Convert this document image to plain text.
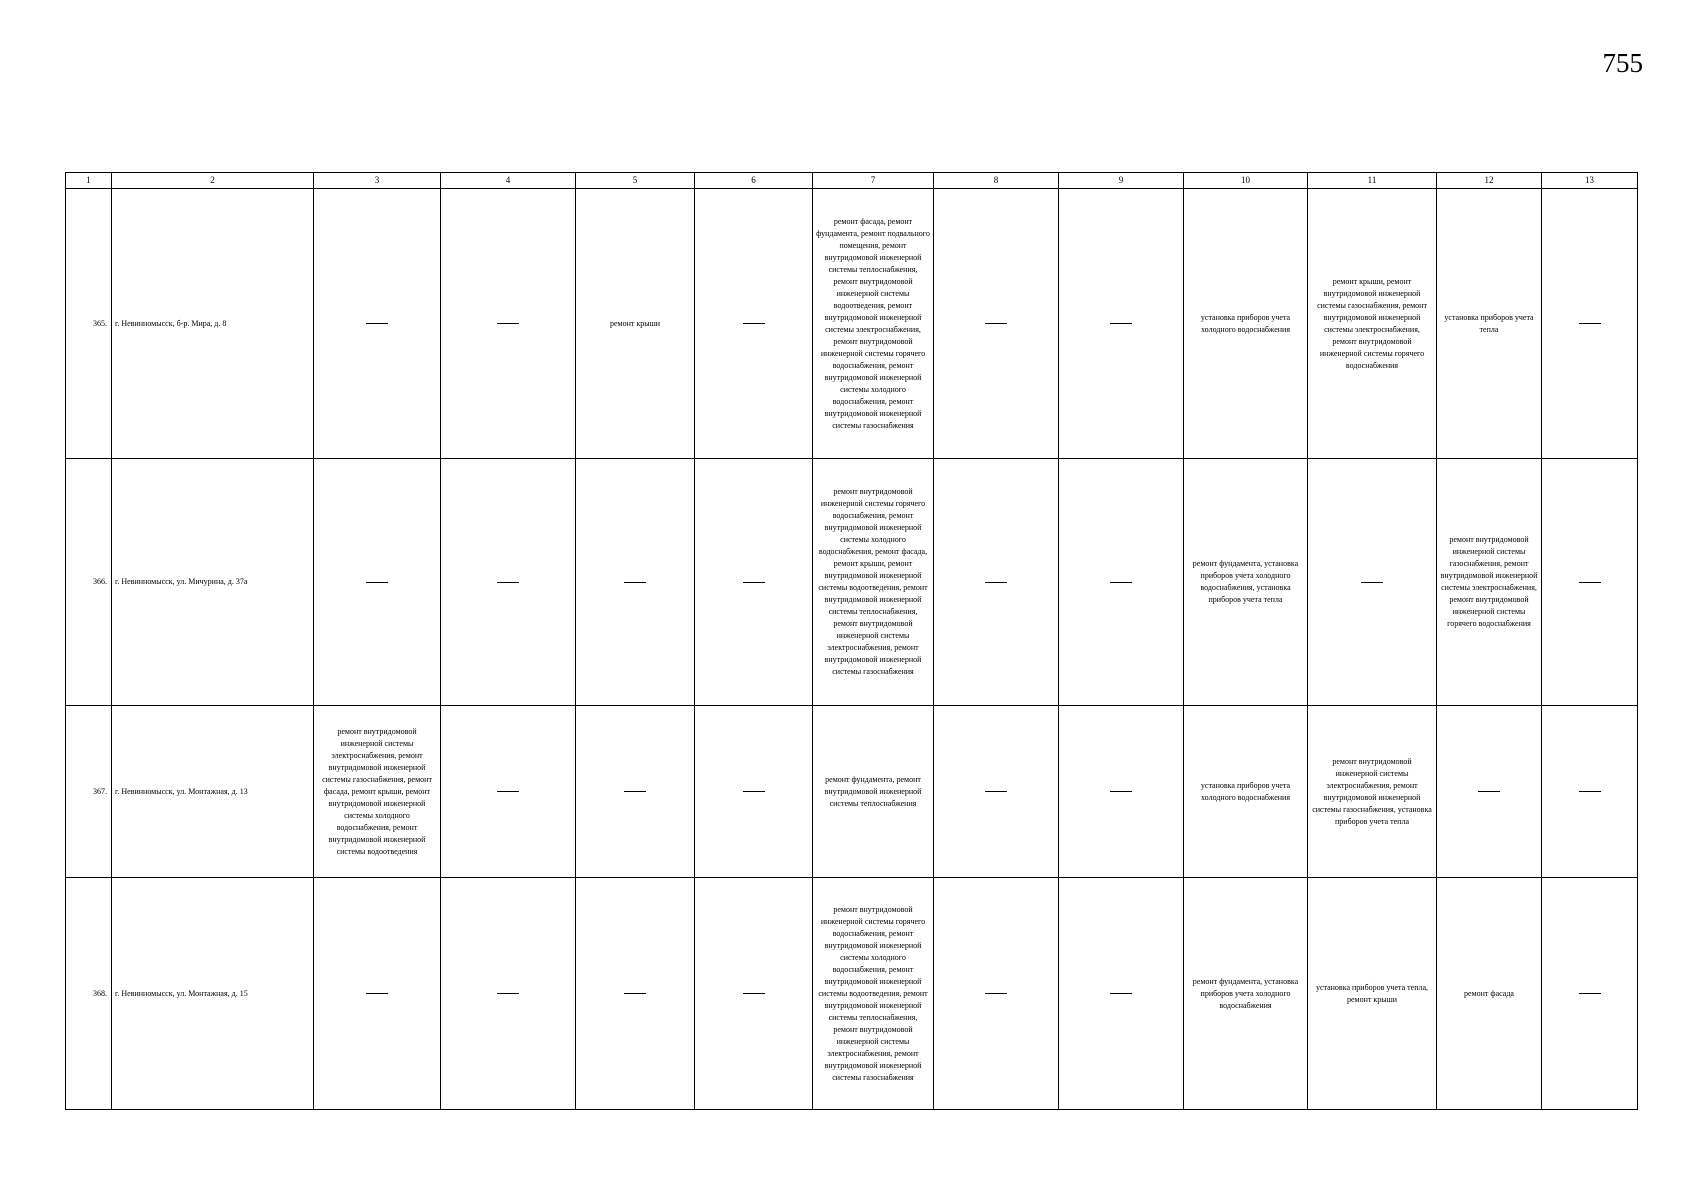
755
1	2	3	4	5	6	7	8	9	10	11	12	13
365.	г. Невинномысск, б-р. Мира, д. 8			ремонт крыши		ремонт фасада, ремонт фундамента, ремонт подвального помещения, ремонт внутридомовой инженерной системы теплоснабжения, ремонт внутридомовой инженерной системы водоотведения, ремонт внутридомовой инженерной системы электроснабжения, ремонт внутридомовой инженерной системы горячего водоснабжения, ремонт внутридомовой инженерной системы холодного водоснабжения, ремонт внутридомовой инженерной системы газоснабжения			установка приборов учета холодного водоснабжения	ремонт крыши, ремонт внутридомовой инженерной системы газоснабжения, ремонт внутридомовой инженерной системы электроснабжения, ремонт внутридомовой инженерной системы горячего водоснабжения	установка приборов учета тепла	
366.	г. Невинномысск, ул. Мичурина, д. 37а					ремонт внутридомовой инженерной системы горячего водоснабжения, ремонт внутридомовой инженерной системы холодного водоснабжения, ремонт фасада, ремонт крыши, ремонт внутридомовой инженерной системы водоотведения, ремонт внутридомовой инженерной системы теплоснабжения, ремонт внутридомовой инженерной системы электроснабжения, ремонт внутридомовой инженерной системы газоснабжения			ремонт фундамента, установка приборов учета холодного водоснабжения, установка приборов учета тепла		ремонт внутридомовой инженерной системы газоснабжения, ремонт внутридомовой инженерной системы электроснабжения, ремонт внутридомовой инженерной системы горячего водоснабжения	
367.	г. Невинномысск, ул. Монтажная, д. 13	ремонт внутридомовой инженерной системы электроснабжения, ремонт внутридомовой инженерной системы газоснабжения, ремонт фасада, ремонт крыши, ремонт внутридомовой инженерной системы холодного водоснабжения, ремонт внутридомовой инженерной системы водоотведения				ремонт фундамента, ремонт внутридомовой инженерной системы теплоснабжения			установка приборов учета холодного водоснабжения	ремонт внутридомовой инженерной системы электроснабжения, ремонт внутридомовой инженерной системы газоснабжения, установка приборов учета тепла		
368.	г. Невинномысск, ул. Монтажная, д. 15					ремонт внутридомовой инженерной системы горячего водоснабжения, ремонт внутридомовой инженерной системы холодного водоснабжения, ремонт внутридомовой инженерной системы водоотведения, ремонт внутридомовой инженерной системы теплоснабжения, ремонт внутридомовой инженерной системы электроснабжения, ремонт внутридомовой инженерной системы газоснабжения			ремонт фундамента, установка приборов учета холодного водоснабжения	установка приборов учета тепла, ремонт крыши	ремонт фасада	
